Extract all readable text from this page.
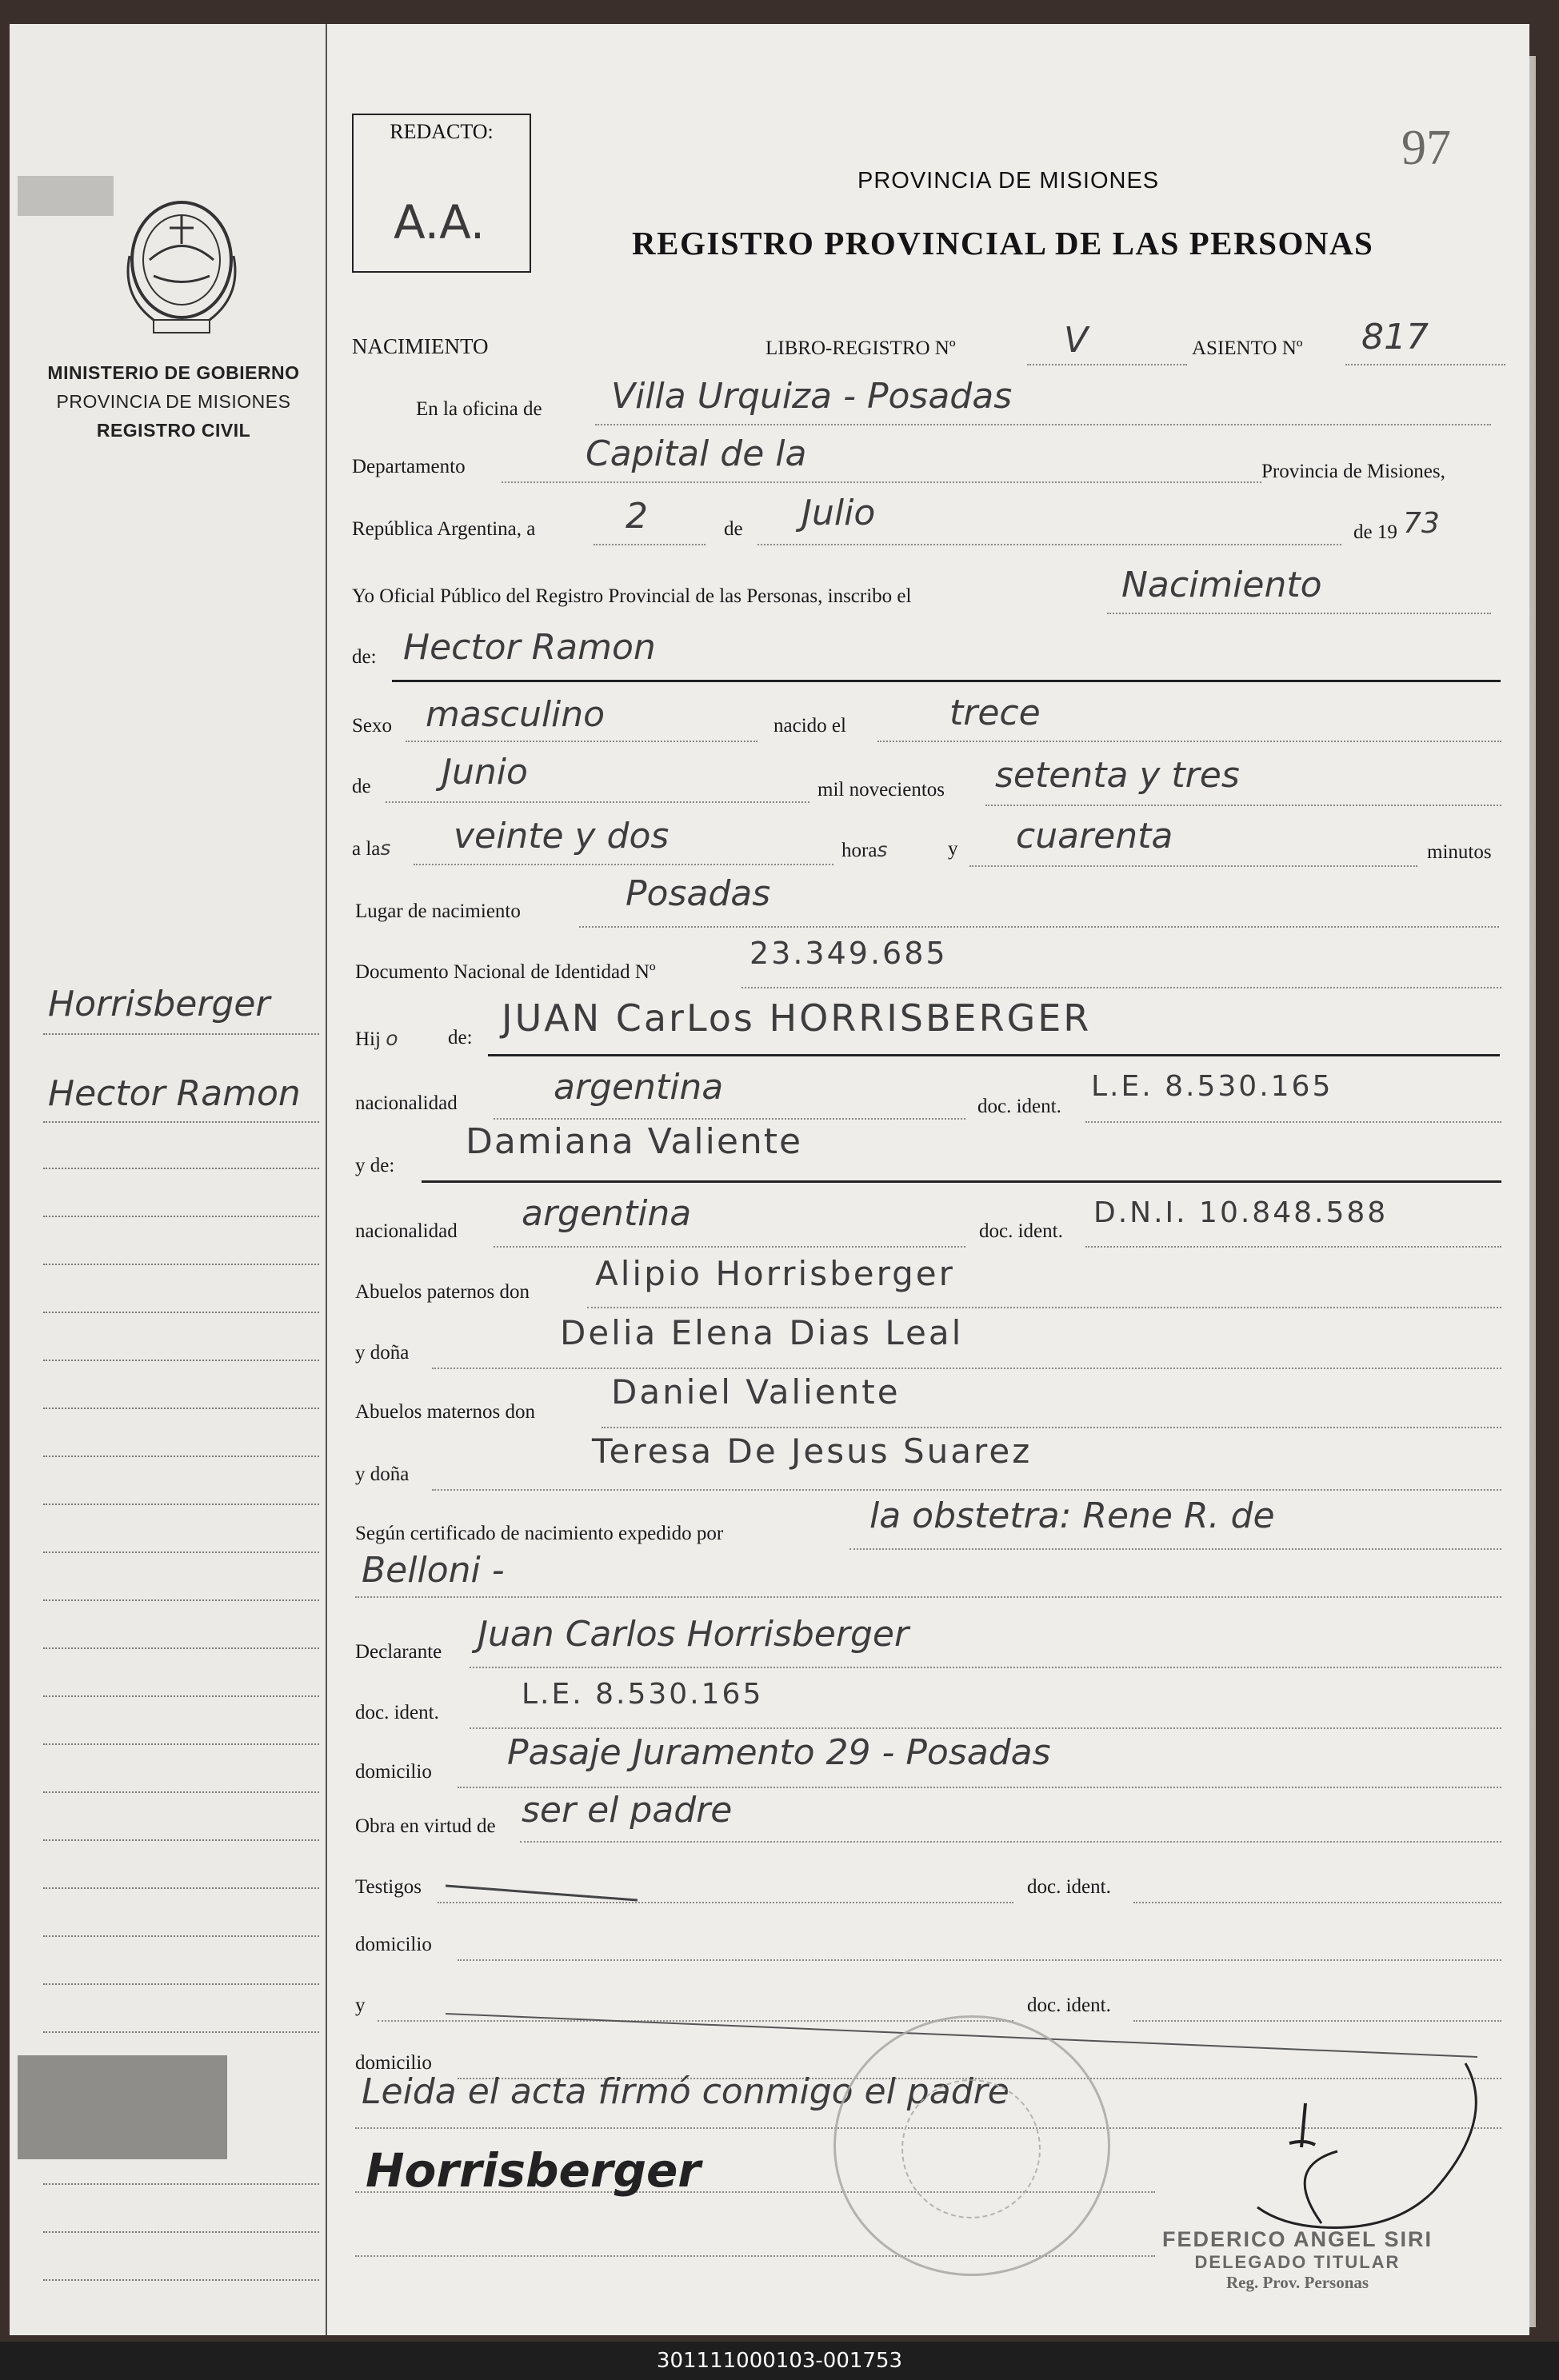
MINISTERIO DE GOBIERNO
PROVINCIA DE MISIONES
REGISTRO CIVIL
Horrisberger
Hector Ramon
REDACTO:
A.A.
97
PROVINCIA DE MISIONES
REGISTRO PROVINCIAL DE LAS PERSONAS
NACIMIENTO	LIBRO-REGISTRO Nº	V	ASIENTO Nº 817
En la oficina de Villa Urquiza - Posadas
Departamento	Capital de la	Provincia de Misiones,
República Argentina, a	2	de Julio	de 19 73
Yo Oficial Público del Registro Provincial de las Personas, inscribo el	Nacimiento
de: Hector Ramon
Sexo masculino	nacido el	trece
de Junio	mil novecientos setenta y tres
a las veinte y dos	horas	y cuarenta	minutos
Lugar de nacimiento	Posadas
Documento Nacional de Identidad Nº
23.349.685
Hij o	de: JUAN CarLos HORRISBERGER
nacionalidad	argentina	doc. ident.
L.E. 8.530.165
y de:
Damiana Valiente
nacionalidad argentina	doc. ident.
D.N.I. 10.848.588
Abuelos paternos don Alipio Horrisberger
y doña
Delia Elena Dias Leal
Abuelos maternos don
Daniel Valiente
y doña
Teresa De Jesus Suarez
Según certificado de nacimiento expedido por	la obstetra: Rene R. de
Belloni -
Declarante Juan Carlos Horrisberger
doc. ident.
L.E. 8.530.165
domicilio Pasaje Juramento 29 - Posadas
Obra en virtud de ser el padre
Testigos	doc. ident.
domicilio
y	doc. ident.
domicilio
Leida el acta firmó conmigo el padre
Horrisberger
FEDERICO ANGEL SIRI
DELEGADO TITULAR
Reg. Prov. Personas
301111000103-001753
